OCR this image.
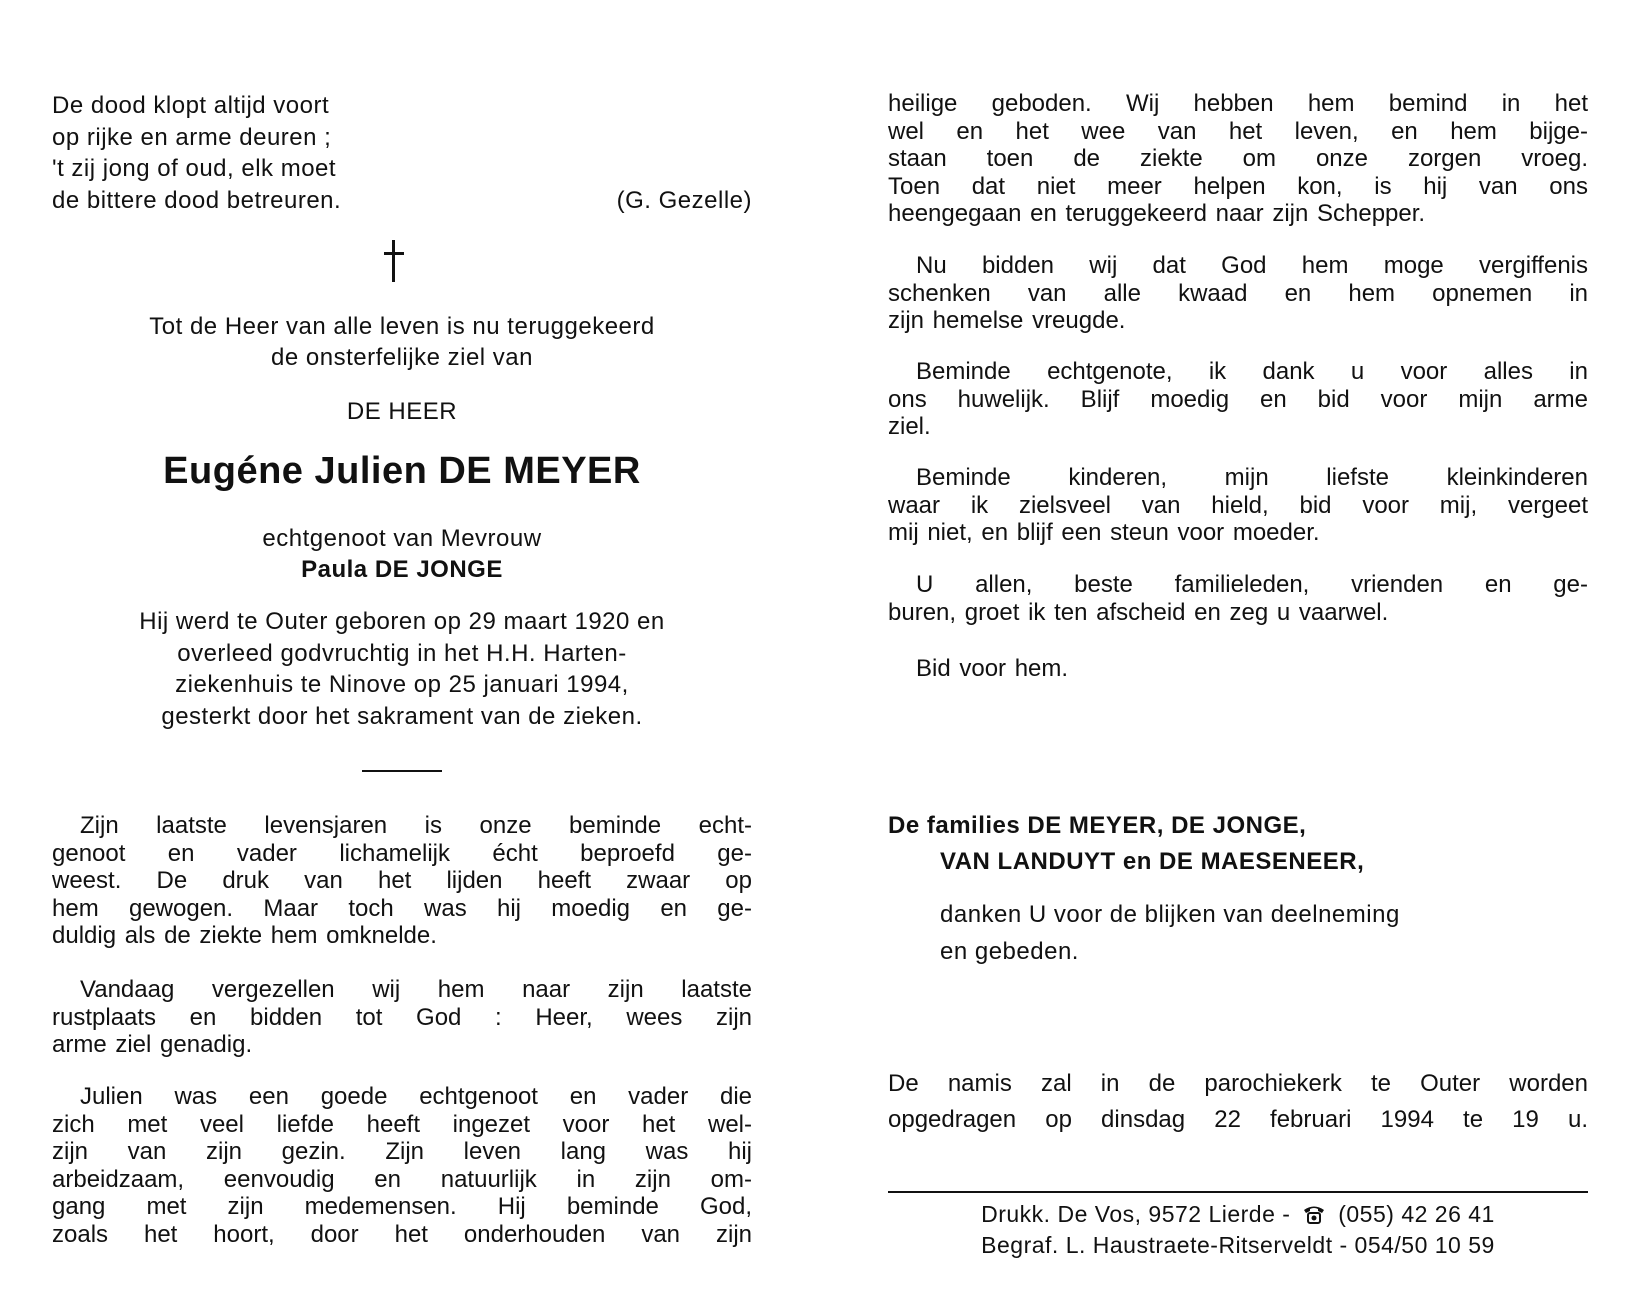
De dood klopt altijd voort
op rijke en arme deuren ;
't zij jong of oud, elk moet
de bittere dood betreuren.	(G. Gezelle)
Tot de Heer van alle leven is nu teruggekeerd
de onsterfelijke ziel van
DE HEER
Eugéne Julien DE MEYER
echtgenoot van Mevrouw
Paula DE JONGE
Hij werd te Outer geboren op 29 maart 1920 en
overleed godvruchtig in het H.H. Harten-
ziekenhuis te Ninove op 25 januari 1994,
gesterkt door het sakrament van de zieken.

Zijn laatste levensjaren is onze beminde echt-

genoot en vader lichamelijk écht beproefd ge-

weest. De druk van het lijden heeft zwaar op

hem gewogen. Maar toch was hij moedig en ge-

duldig als de ziekte hem omknelde.

Vandaag vergezellen wij hem naar zijn laatste

rustplaats en bidden tot God : Heer, wees zijn

arme ziel genadig.

Julien was een goede echtgenoot en vader die

zich met veel liefde heeft ingezet voor het wel-

zijn van zijn gezin. Zijn leven lang was hij

arbeidzaam, eenvoudig en natuurlijk in zijn om-

gang met zijn medemensen. Hij beminde God,

zoals het hoort, door het onderhouden van zijn

heilige geboden. Wij hebben hem bemind in het

wel en het wee van het leven, en hem bijge-

staan toen de ziekte om onze zorgen vroeg.

Toen dat niet meer helpen kon, is hij van ons

heengegaan en teruggekeerd naar zijn Schepper.

Nu bidden wij dat God hem moge vergiffenis

schenken van alle kwaad en hem opnemen in

zijn hemelse vreugde.

Beminde echtgenote, ik dank u voor alles in

ons huwelijk. Blijf moedig en bid voor mijn arme

ziel.

Beminde kinderen, mijn liefste kleinkinderen

waar ik zielsveel van hield, bid voor mij, vergeet

mij niet, en blijf een steun voor moeder.

U allen, beste familieleden, vrienden en ge-

buren, groet ik ten afscheid en zeg u vaarwel.

Bid voor hem.

De families DE MEYER, DE JONGE,
VAN LANDUYT en DE MAESENEER,
danken U voor de blijken van deelneming
en gebeden.

De namis zal in de parochiekerk te Outer worden

opgedragen op dinsdag 22 februari 1994 te 19 u.

Drukk. De Vos, 9572 Lierde - (055) 42 26 41
Begraf. L. Haustraete-Ritserveldt - 054/50 10 59
